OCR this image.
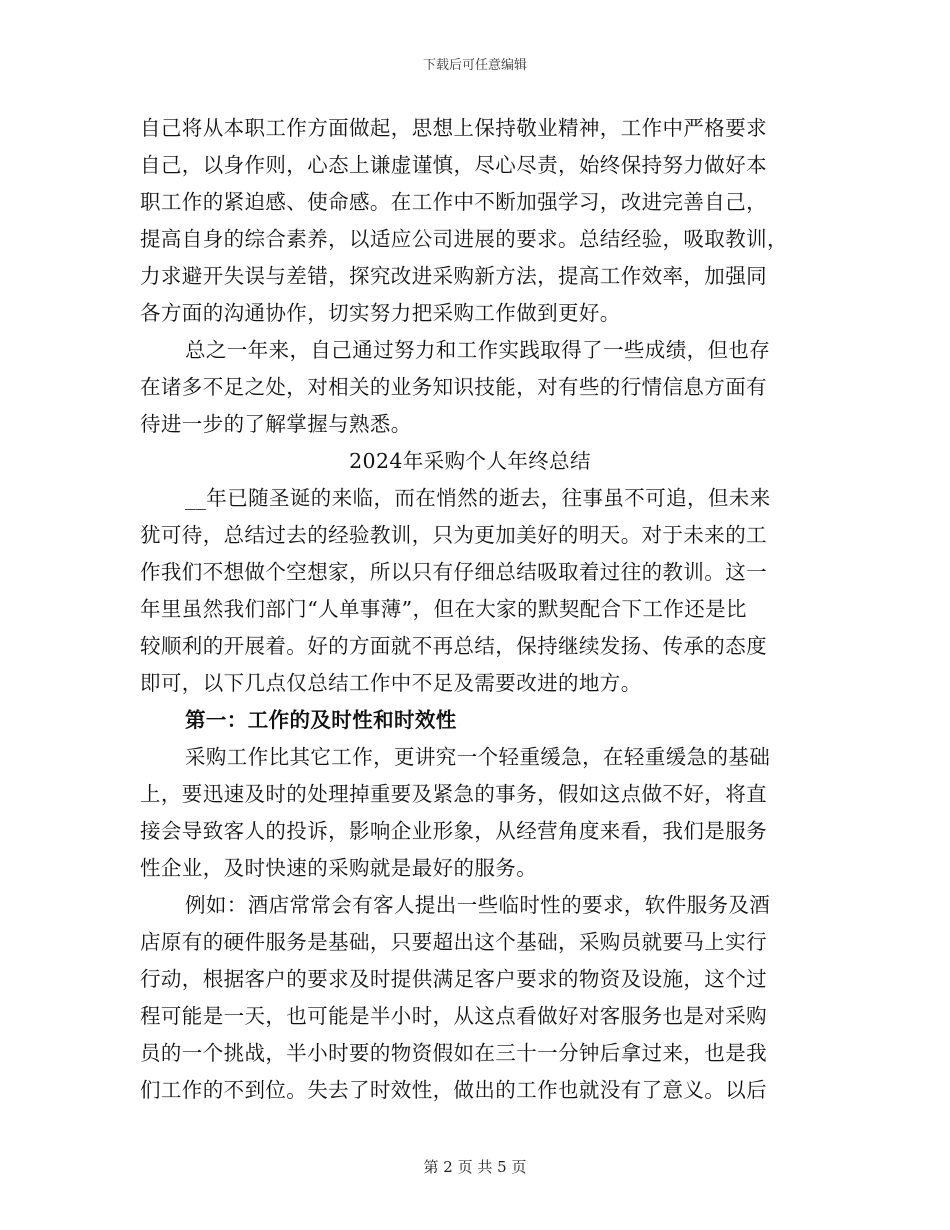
下载后可任意编辑
自己将从本职工作方面做起，思想上保持敬业精神，工作中严格要求
自己，以身作则，心态上谦虚谨慎，尽心尽责，始终保持努力做好本
职工作的紧迫感、使命感。在工作中不断加强学习，改进完善自己，
提高自身的综合素养，以适应公司进展的要求。总结经验，吸取教训，
力求避开失误与差错，探究改进采购新方法，提高工作效率，加强同
各方面的沟通协作，切实努力把采购工作做到更好。
总之一年来，自己通过努力和工作实践取得了一些成绩，但也存
在诸多不足之处，对相关的业务知识技能，对有些的行情信息方面有
待进一步的了解掌握与熟悉。
2024年采购个人年终总结
__年已随圣诞的来临，而在悄然的逝去，往事虽不可追，但未来
犹可待，总结过去的经验教训，只为更加美好的明天。对于未来的工
作我们不想做个空想家，所以只有仔细总结吸取着过往的教训。这一
年里虽然我们部门“人单事薄”，但在大家的默契配合下工作还是比
较顺利的开展着。好的方面就不再总结，保持继续发扬、传承的态度
即可，以下几点仅总结工作中不足及需要改进的地方。
第一：工作的及时性和时效性
采购工作比其它工作，更讲究一个轻重缓急，在轻重缓急的基础
上，要迅速及时的处理掉重要及紧急的事务，假如这点做不好，将直
接会导致客人的投诉，影响企业形象，从经营角度来看，我们是服务
性企业，及时快速的采购就是最好的服务。
例如：酒店常常会有客人提出一些临时性的要求，软件服务及酒
店原有的硬件服务是基础，只要超出这个基础，采购员就要马上实行
行动，根据客户的要求及时提供满足客户要求的物资及设施，这个过
程可能是一天，也可能是半小时，从这点看做好对客服务也是对采购
员的一个挑战，半小时要的物资假如在三十一分钟后拿过来，也是我
们工作的不到位。失去了时效性，做出的工作也就没有了意义。以后
第 2 页 共 5 页
